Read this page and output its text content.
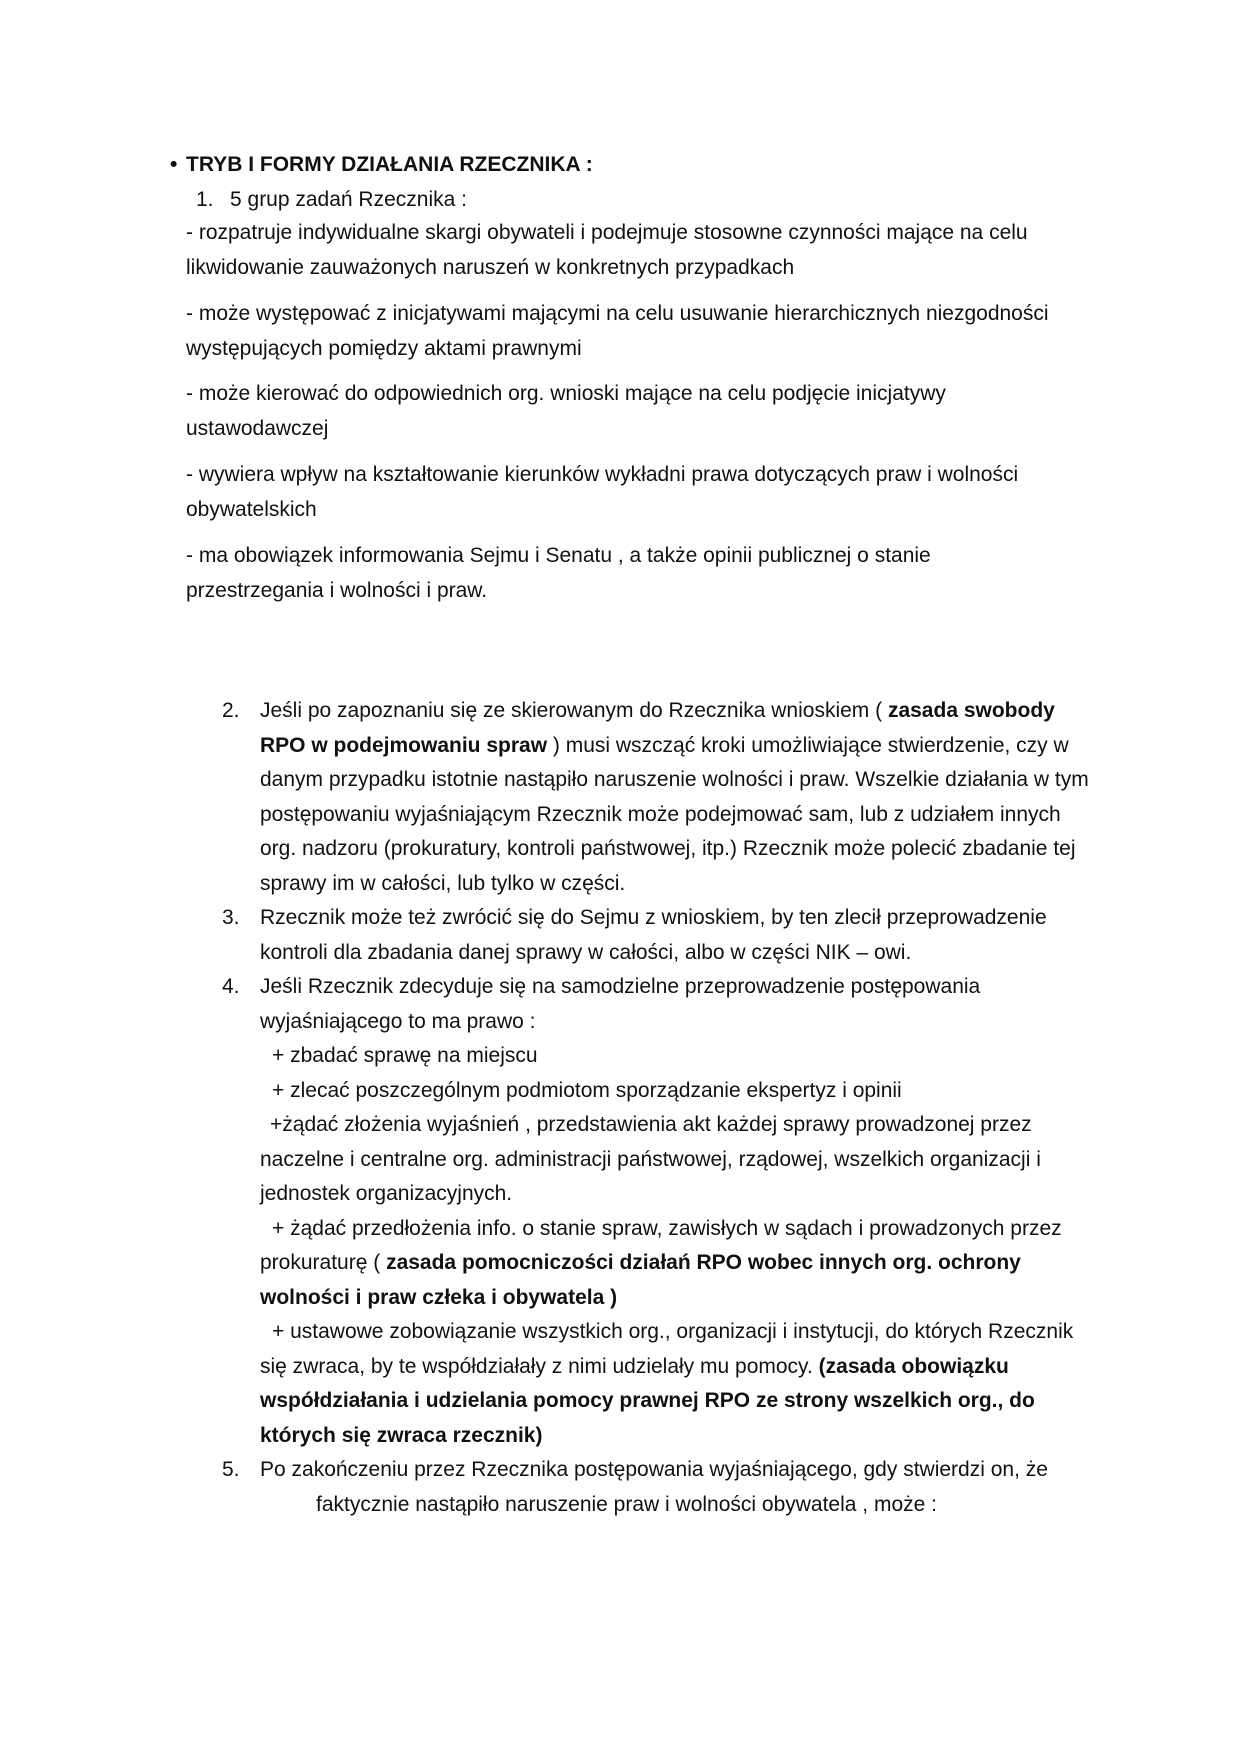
• TRYB I FORMY DZIAŁANIA RZECZNIKA :

1. 5 grup zadań Rzecznika :

- rozpatruje indywidualne skargi obywateli i podejmuje stosowne czynności mające na celu likwidowanie zauważonych naruszeń w konkretnych przypadkach

- może występować z inicjatywami mającymi na celu usuwanie hierarchicznych niezgodności występujących pomiędzy aktami prawnymi

- może kierować do odpowiednich org. wnioski mające na celu podjęcie inicjatywy ustawodawczej

- wywiera wpływ na kształtowanie kierunków wykładni prawa dotyczących praw i wolności obywatelskich

- ma obowiązek informowania Sejmu i Senatu , a także opinii publicznej o stanie przestrzegania i wolności i praw.

2. Jeśli po zapoznaniu się ze skierowanym do Rzecznika wnioskiem ( zasada swobody RPO w podejmowaniu spraw ) musi wszcząć kroki umożliwiające stwierdzenie, czy w danym przypadku istotnie nastąpiło naruszenie wolności i praw. Wszelkie działania w tym postępowaniu wyjaśniającym Rzecznik może podejmować sam, lub z udziałem innych org. nadzoru (prokuratury, kontroli państwowej, itp.) Rzecznik może polecić zbadanie tej sprawy im w całości, lub tylko w części.
3. Rzecznik może też zwrócić się do Sejmu z wnioskiem, by ten zlecił przeprowadzenie kontroli dla zbadania danej sprawy w całości, albo w części NIK – owi.
4. Jeśli Rzecznik zdecyduje się na samodzielne przeprowadzenie postępowania wyjaśniającego to ma prawo :
+ zbadać sprawę na miejscu
+ zlecać poszczególnym podmiotom sporządzanie ekspertyz i opinii
+żądać złożenia wyjaśnień , przedstawienia akt każdej sprawy prowadzonej przez naczelne i centralne org. administracji państwowej, rządowej, wszelkich organizacji i jednostek organizacyjnych.
+ żądać przedłożenia info. o stanie spraw, zawisłych w sądach i prowadzonych przez prokuraturę ( zasada pomocniczości działań RPO wobec innych org. ochrony wolności i praw człeka i obywatela )
+ ustawowe zobowiązanie wszystkich org., organizacji i instytucji, do których Rzecznik się zwraca, by te współdziałały z nimi udzielały mu pomocy. (zasada obowiązku współdziałania i udzielania pomocy prawnej RPO ze strony wszelkich org., do których się zwraca rzecznik)
5. Po zakończeniu przez Rzecznika postępowania wyjaśniającego, gdy stwierdzi on, żefaktycznie nastąpiło naruszenie praw i wolności obywatela , może :
